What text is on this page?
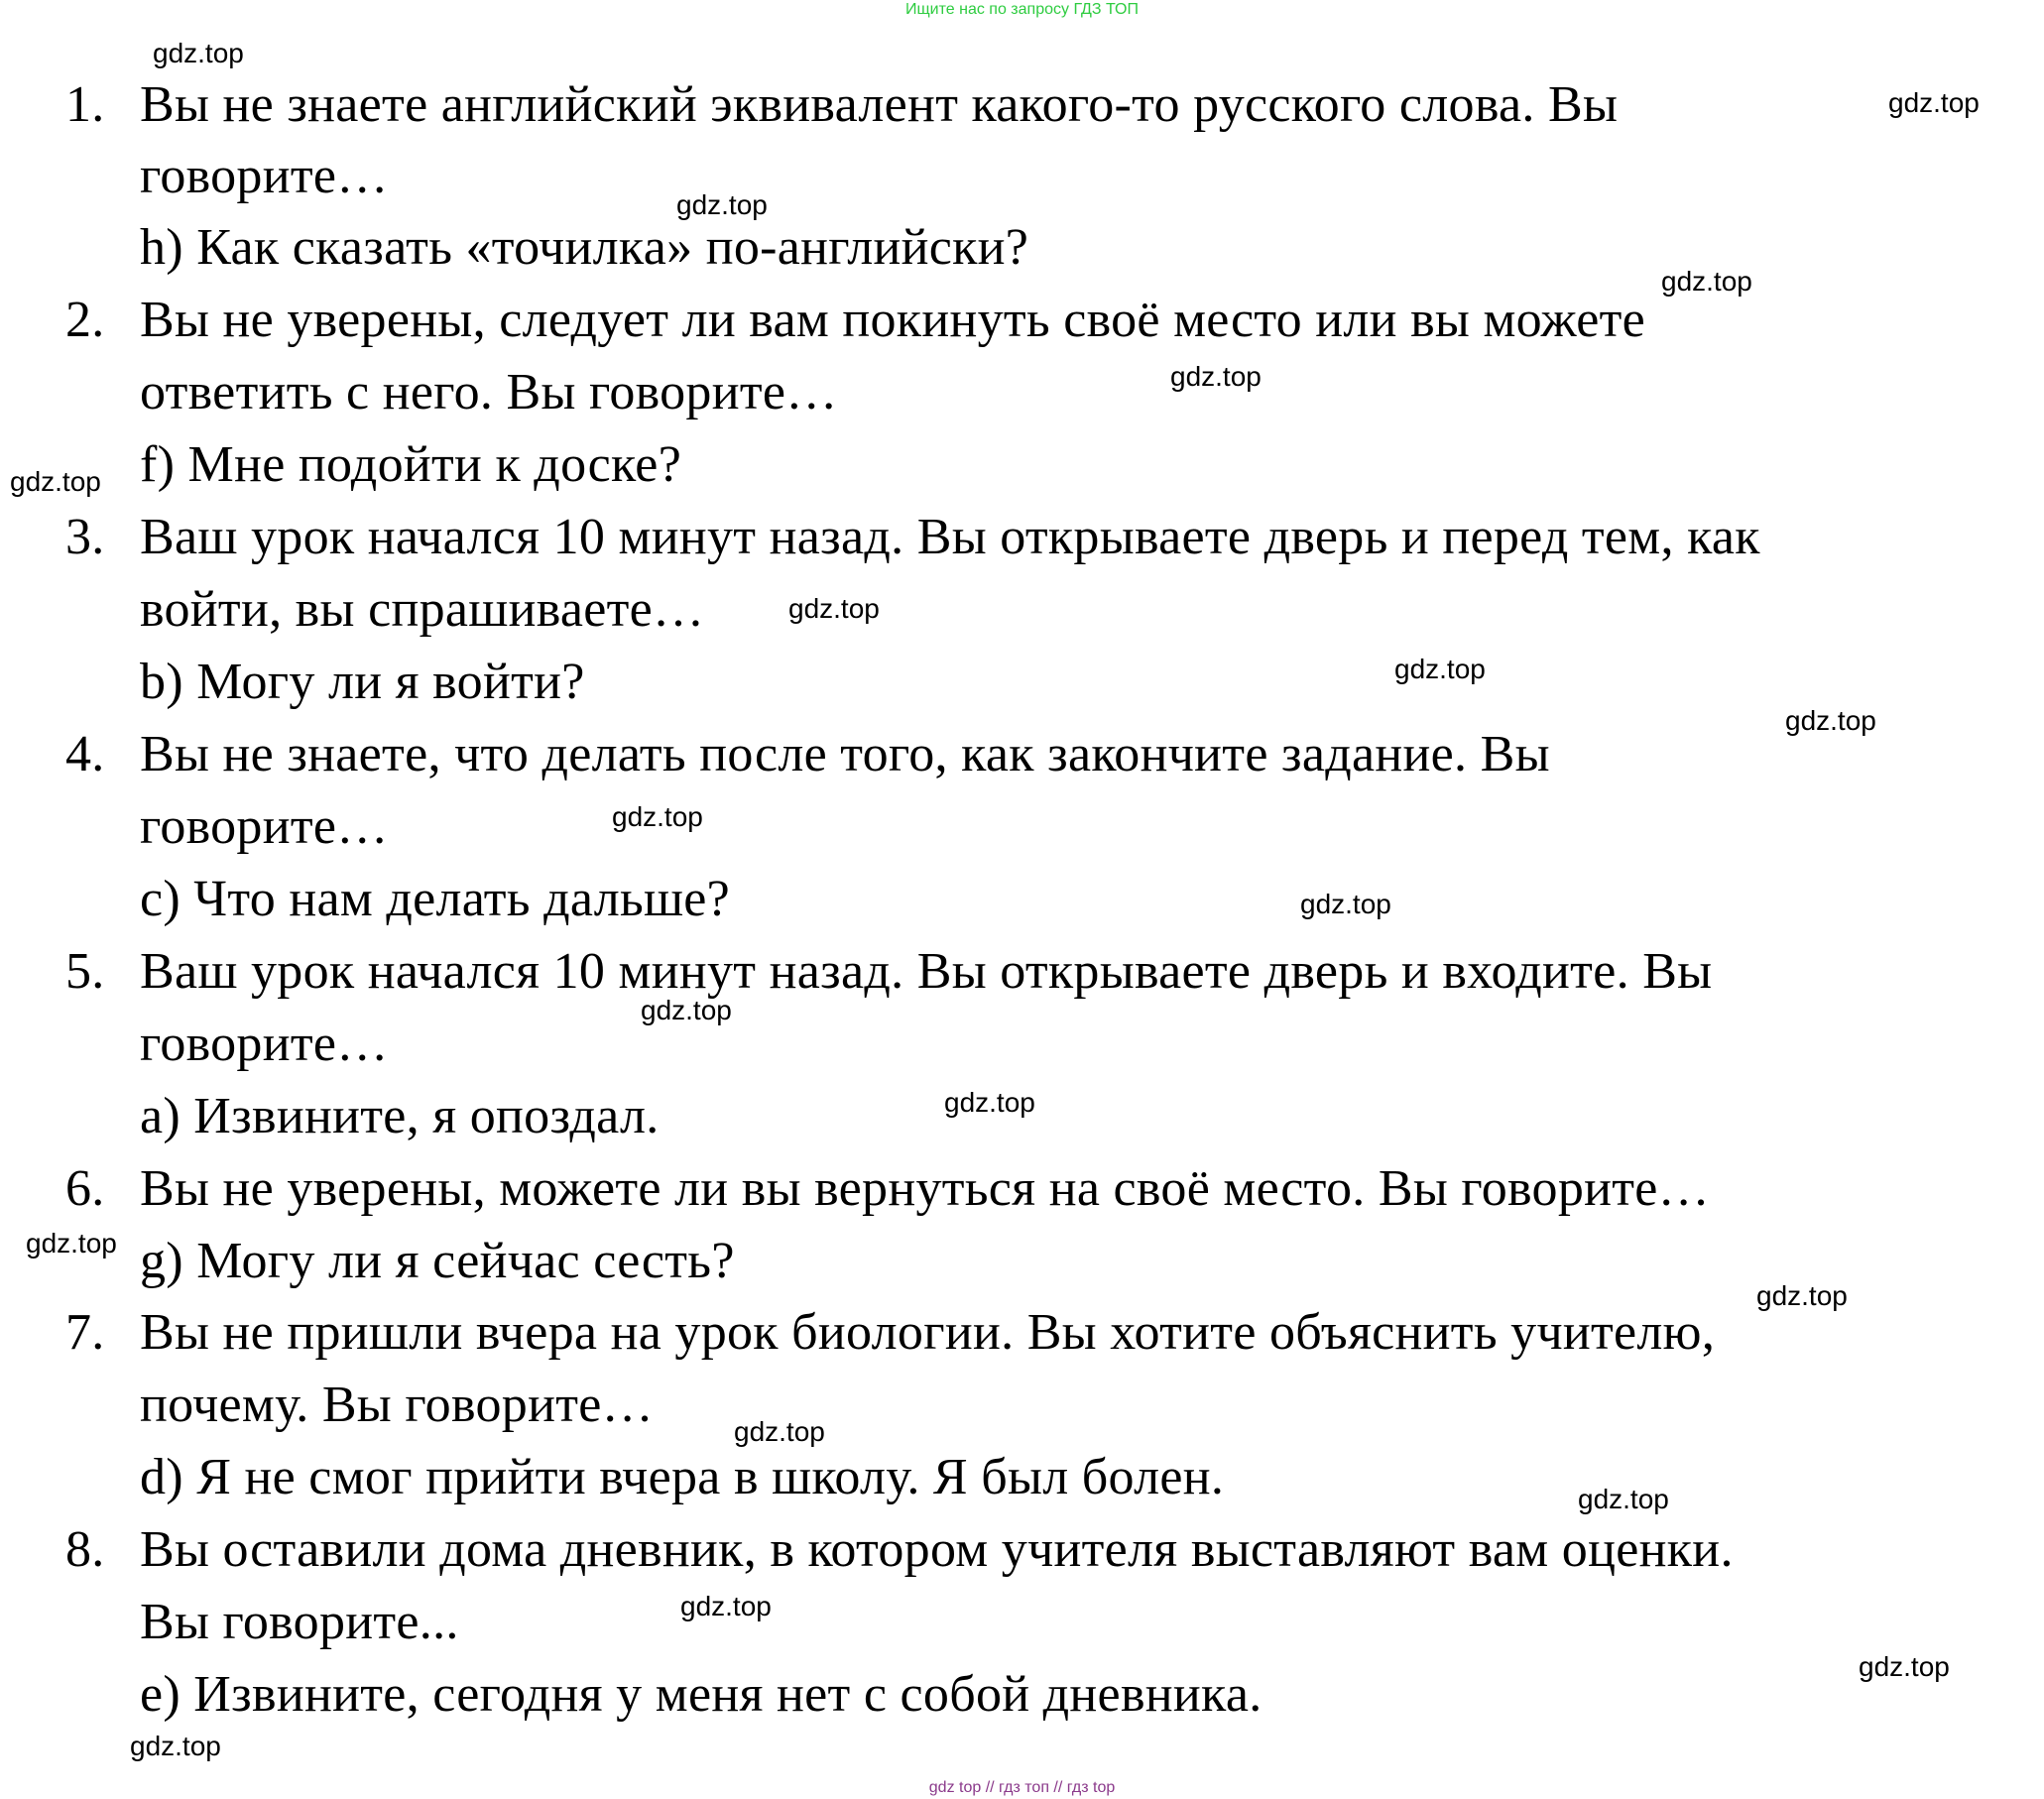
Ищите нас по запросу ГДЗ ТОП
1. Вы не знаете английский эквивалент какого-то русского слова. Вы
говорите…
h) Как сказать «точилка» по-английски?
2. Вы не уверены, следует ли вам покинуть своё место или вы можете
ответить с него. Вы говорите…
f) Мне подойти к доске?
3. Ваш урок начался 10 минут назад. Вы открываете дверь и перед тем, как
войти, вы спрашиваете…
b) Могу ли я войти?
4. Вы не знаете, что делать после того, как закончите задание. Вы
говорите…
c) Что нам делать дальше?
5. Ваш урок начался 10 минут назад. Вы открываете дверь и входите. Вы
говорите…
a) Извините, я опоздал.
6. Вы не уверены, можете ли вы вернуться на своё место. Вы говорите…
g) Могу ли я сейчас сесть?
7. Вы не пришли вчера на урок биологии. Вы хотите объяснить учителю,
почему. Вы говорите…
d) Я не смог прийти вчера в школу. Я был болен.
8. Вы оставили дома дневник, в котором учителя выставляют вам оценки.
Вы говорите...
e) Извините, сегодня у меня нет с собой дневника.
gdz.top
gdz.top
gdz.top
gdz.top
gdz.top
gdz.top
gdz.top
gdz.top
gdz.top
gdz.top
gdz.top
gdz.top
gdz.top
gdz.top
gdz.top
gdz.top
gdz.top
gdz.top
gdz.top
gdz.top
gdz top // гдз топ // гдз top
